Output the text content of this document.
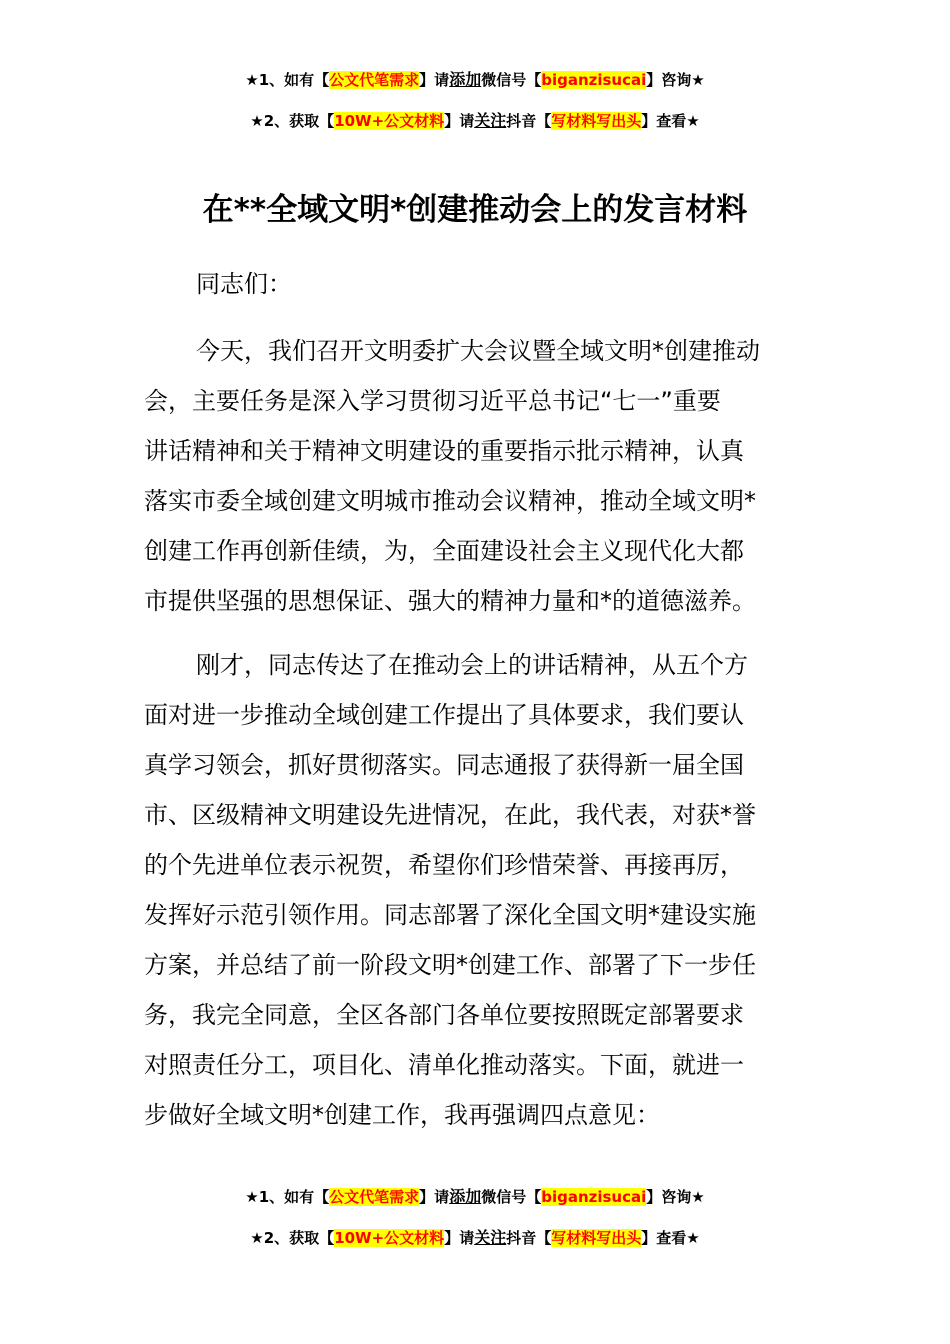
★1、如有【公文代笔需求】请添加微信号【biganzisucai】咨询★
★2、获取【10W+公文材料】请关注抖音【写材料写出头】查看★
在**全域文明*创建推动会上的发言材料
同志们：
今天，我们召开文明委扩大会议暨全域文明*创建推动
会，主要任务是深入学习贯彻习近平总书记“七一”重要
讲话精神和关于精神文明建设的重要指示批示精神，认真
落实市委全域创建文明城市推动会议精神，推动全域文明*
创建工作再创新佳绩，为，全面建设社会主义现代化大都
市提供坚强的思想保证、强大的精神力量和*的道德滋养。
刚才，同志传达了在推动会上的讲话精神，从五个方
面对进一步推动全域创建工作提出了具体要求，我们要认
真学习领会，抓好贯彻落实。同志通报了获得新一届全国
市、区级精神文明建设先进情况，在此，我代表，对获*誉
的个先进单位表示祝贺，希望你们珍惜荣誉、再接再厉，
发挥好示范引领作用。同志部署了深化全国文明*建设实施
方案，并总结了前一阶段文明*创建工作、部署了下一步任
务，我完全同意，全区各部门各单位要按照既定部署要求
对照责任分工，项目化、清单化推动落实。下面，就进一
步做好全域文明*创建工作，我再强调四点意见：
★1、如有【公文代笔需求】请添加微信号【biganzisucai】咨询★
★2、获取【10W+公文材料】请关注抖音【写材料写出头】查看★
